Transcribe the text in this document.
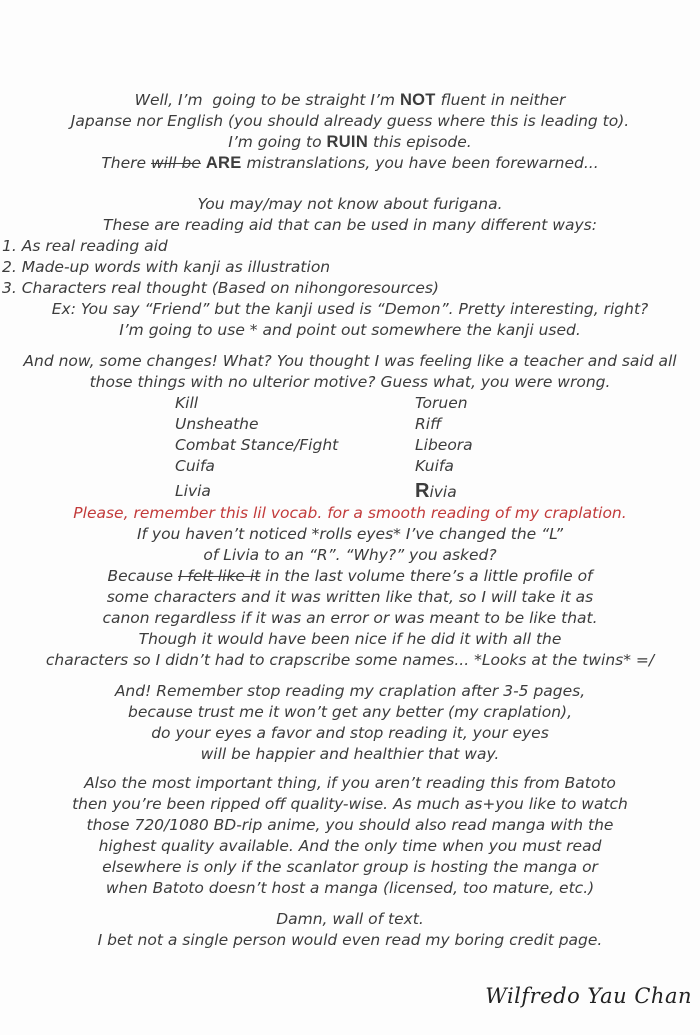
Well, I’m  going to be straight I’m NOT fluent in neither
Japanse nor English (you should already guess where this is leading to).
I’m going to RUIN this episode.
There will be ARE mistranslations, you have been forewarned...
You may/may not know about furigana.
These are reading aid that can be used in many different ways:
1. As real reading aid
2. Made-up words with kanji as illustration
3. Characters real thought (Based on nihongoresources)
Ex: You say “Friend” but the kanji used is “Demon”. Pretty interesting, right?
I’m going to use * and point out somewhere the kanji used.
And now, some changes! What? You thought I was feeling like a teacher and said all
those things with no ulterior motive? Guess what, you were wrong.
Kill	Toruen
Unsheathe	Riff
Combat Stance/Fight	Libeora
Cuifa	Kuifa
Livia	Rivia
Please, remember this lil vocab. for a smooth reading of my craplation.
If you haven’t noticed *rolls eyes* I’ve changed the “L”
of Livia to an “R”. “Why?” you asked?
Because I felt like it in the last volume there’s a little profile of
some characters and it was written like that, so I will take it as
canon regardless if it was an error or was meant to be like that.
Though it would have been nice if he did it with all the
characters so I didn’t had to crapscribe some names... *Looks at the twins* =/
And! Remember stop reading my craplation after 3-5 pages,
because trust me it won’t get any better (my craplation),
do your eyes a favor and stop reading it, your eyes
will be happier and healthier that way.
Also the most important thing, if you aren’t reading this from Batoto
then you’re been ripped off quality-wise. As much as+you like to watch
those 720/1080 BD-rip anime, you should also read manga with the
highest quality available. And the only time when you must read
elsewhere is only if the scanlator group is hosting the manga or
when Batoto doesn’t host a manga (licensed, too mature, etc.)
Damn, wall of text.
I bet not a single person would even read my boring credit page.
Wilfredo Yau Chan
